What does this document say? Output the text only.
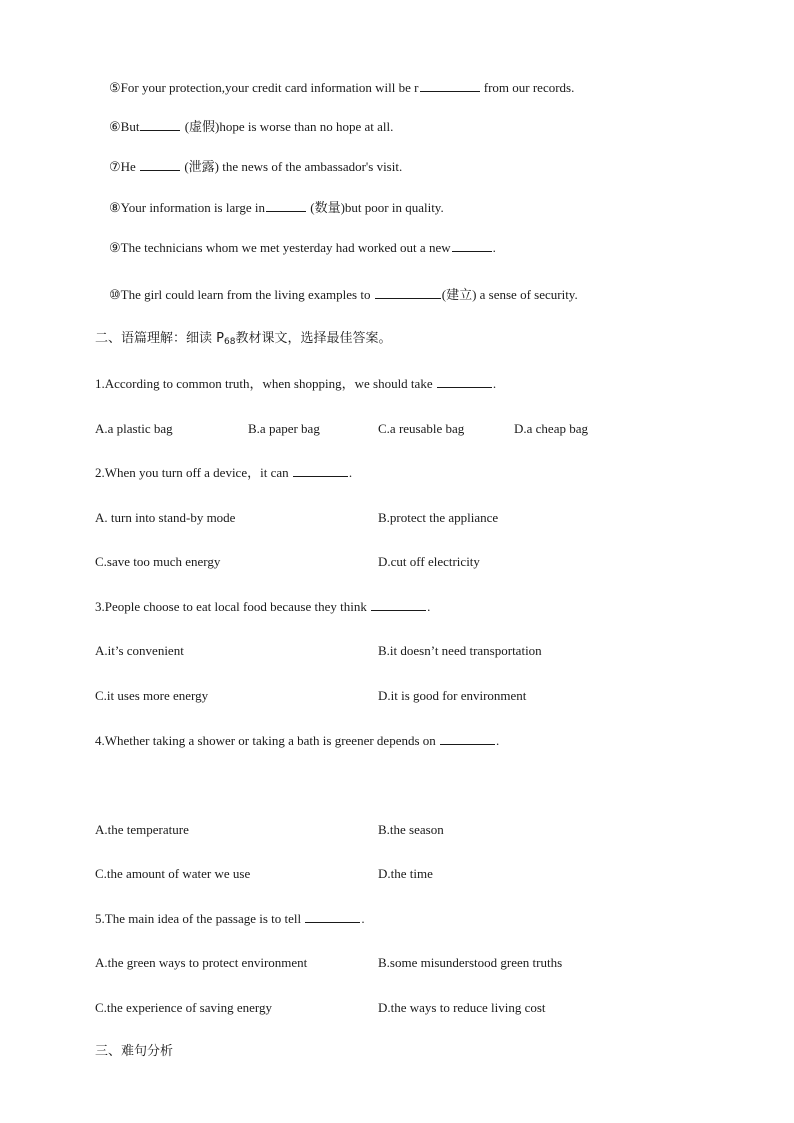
⑤For your protection,your credit card information will be r	from our records.
⑥But	(虚假)hope is worse than no hope at all.
⑦He	(泄露) the news of the ambassador's visit.
⑧Your information is large in	(数量)but poor in quality.
⑨The technicians whom we met yesterday had worked out a new	.
⑩The girl could learn from the living examples to	(建立) a sense of security.
二、语篇理解：细读 $P_{68}$教材课文，选择最佳答案。
1.According to common truth，when shopping，we should take	.
A.a plastic bag	B.a paper bag	C.a reusable bag	D.a cheap bag
2.When you turn off a device，it can	.
A. turn into stand-by mode	B.protect the appliance
C.save too much energy	D.cut off electricity
3.People choose to eat local food because they think	.
A.it’s convenient	B.it doesn’t need transportation
C.it uses more energy	D.it is good for environment
4.Whether taking a shower or taking a bath is greener depends on	.
A.the temperature	B.the season
C.the amount of water we use	D.the time
5.The main idea of the passage is to tell	.
A.the green ways to protect environment	B.some misunderstood green truths
C.the experience of saving energy	D.the ways to reduce living cost
三、难句分析
